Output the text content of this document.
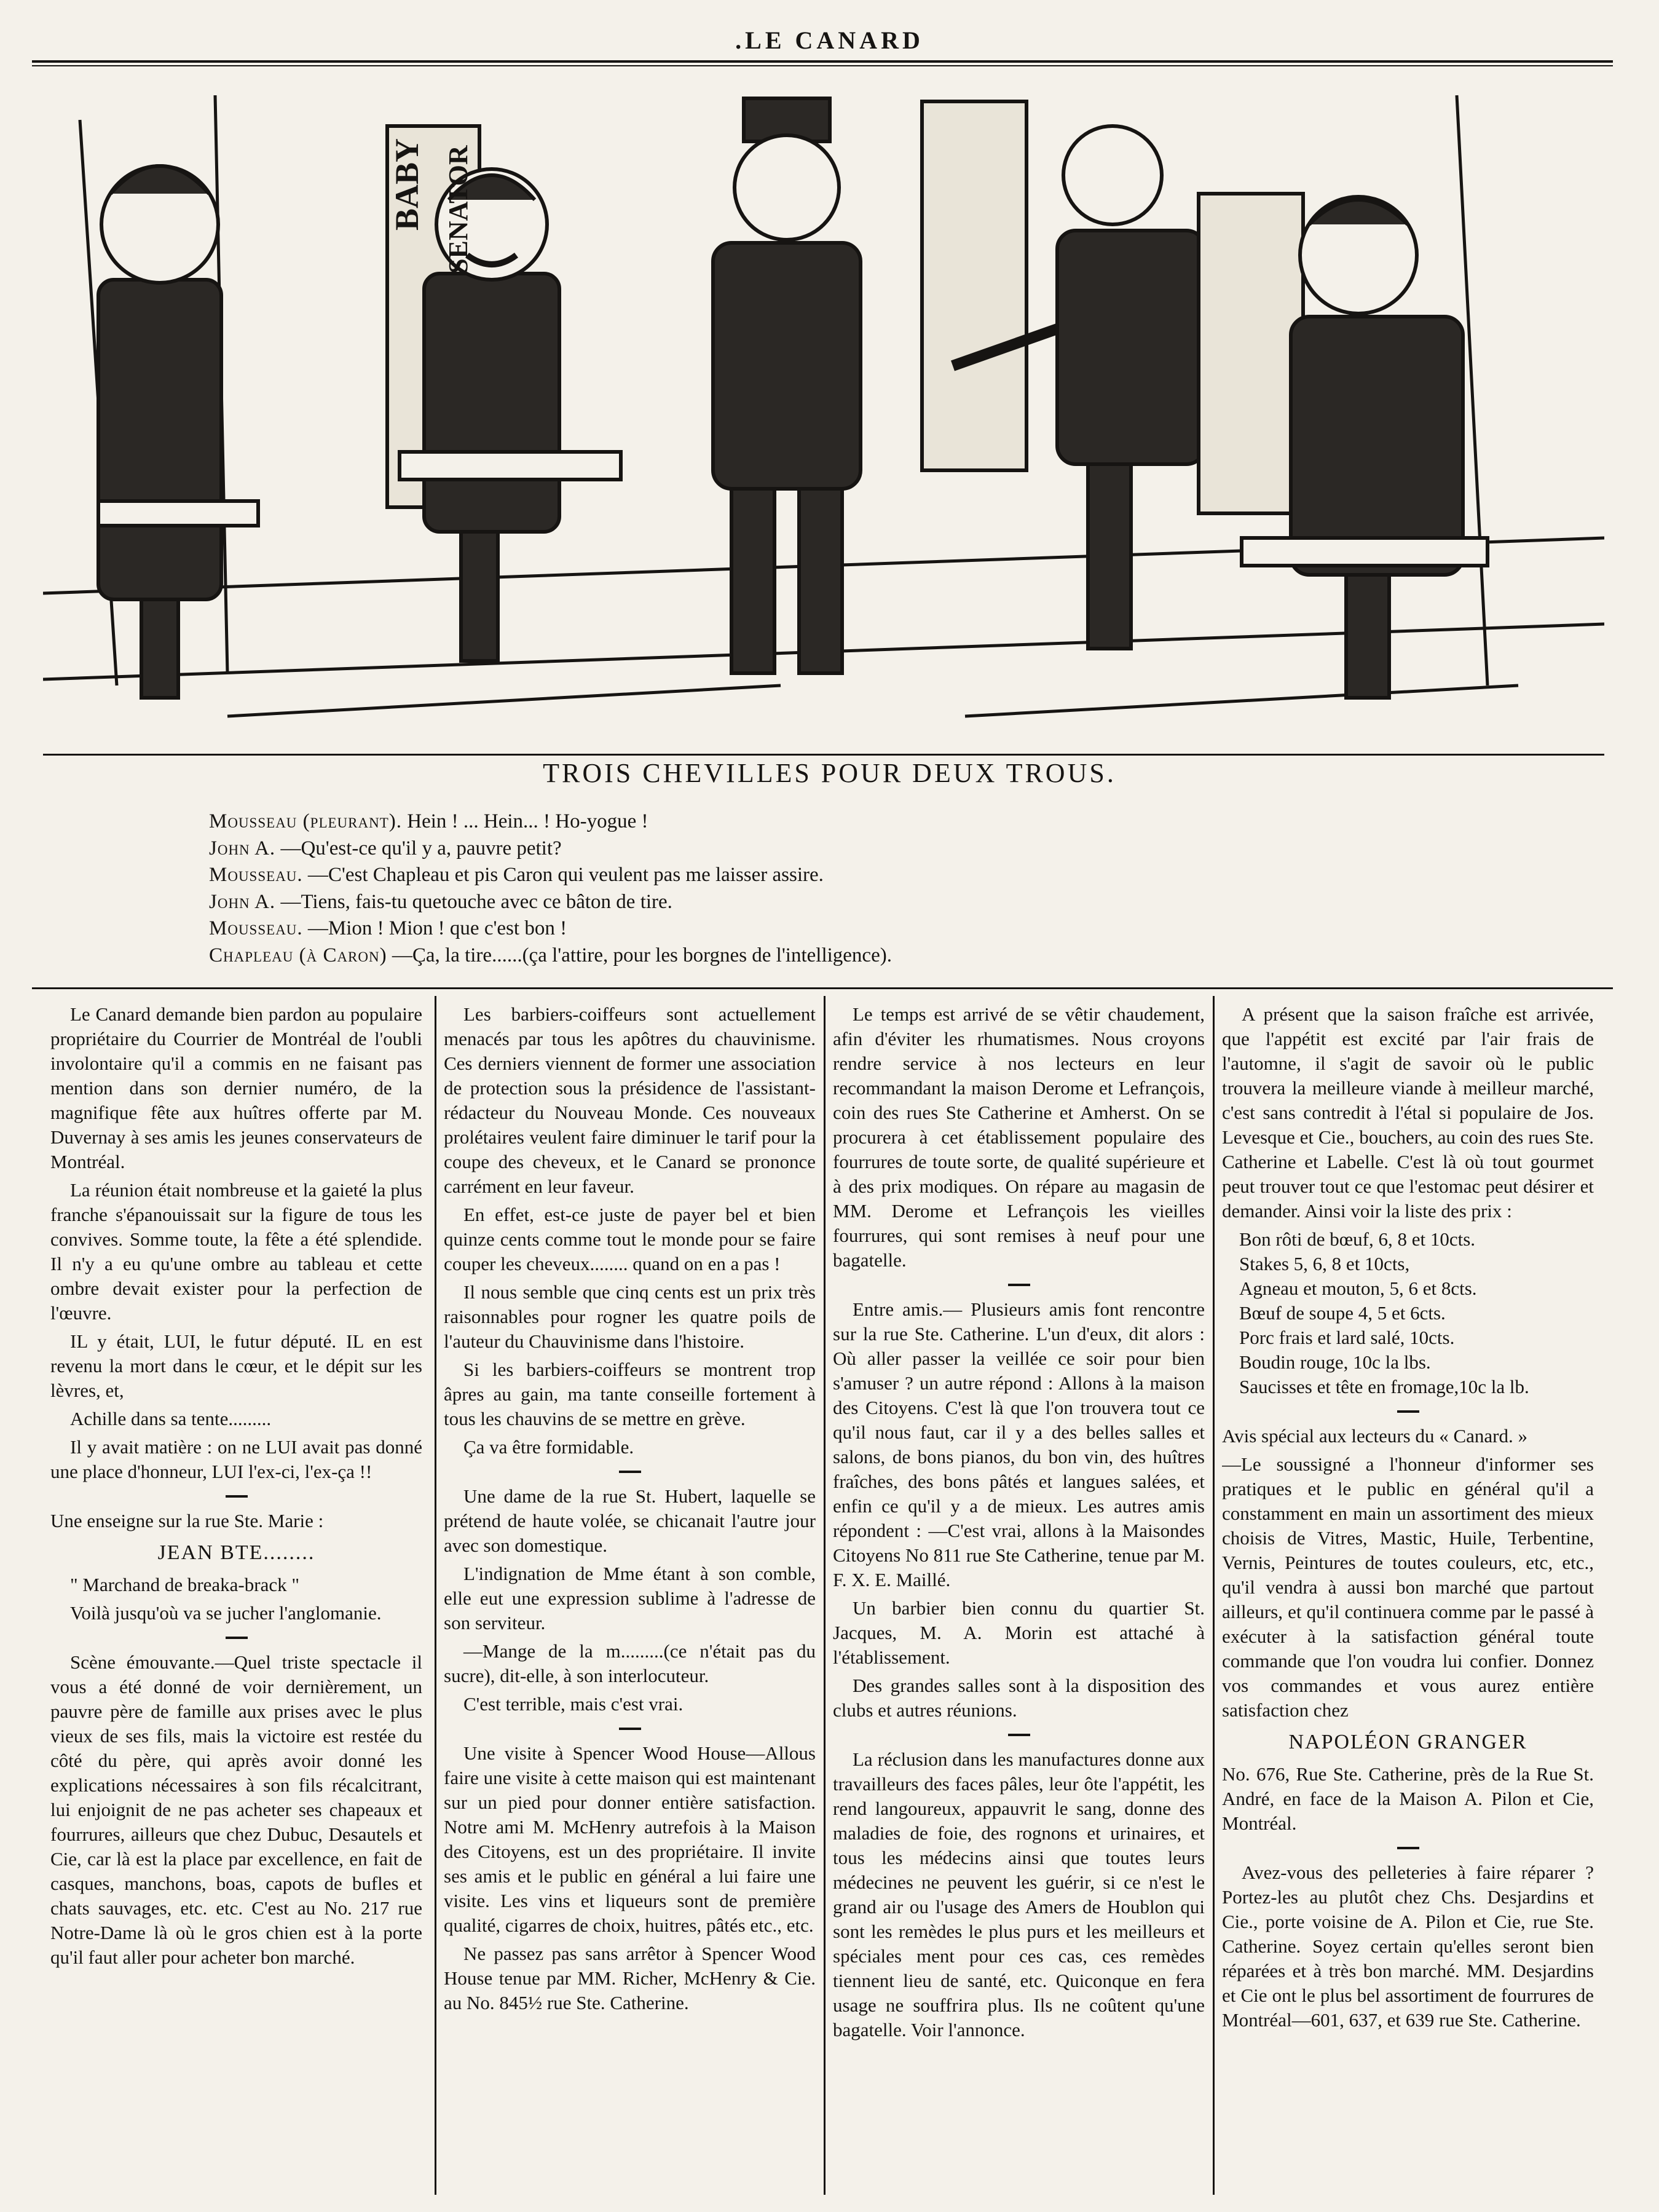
.LE CANARD
BABY SENATOR
TROIS CHEVILLES POUR DEUX TROUS.

Mousseau (pleurant). Hein ! ... Hein... ! Ho-yogue !

John A. —Qu'est-ce qu'il y a, pauvre petit?

Mousseau. —C'est Chapleau et pis Caron qui veulent pas me laisser assire.

John A. —Tiens, fais-tu quetouche avec ce bâton de tire.

Mousseau. —Mion ! Mion ! que c'est bon !

Chapleau (à Caron) —Ça, la tire......(ça l'attire, pour les borgnes de l'intelligence).

Le Canard demande bien pardon au populaire propriétaire du Courrier de Montréal de l'oubli involontaire qu'il a commis en ne faisant pas mention dans son dernier numéro, de la magnifique fête aux huîtres offerte par M. Duvernay à ses amis les jeunes conservateurs de Montréal.

La réunion était nombreuse et la gaieté la plus franche s'épanouissait sur la figure de tous les convives. Somme toute, la fête a été splendide. Il n'y a eu qu'une ombre au tableau et cette ombre devait exister pour la perfection de l'œuvre.

IL y était, LUI, le futur député. IL en est revenu la mort dans le cœur, et le dépit sur les lèvres, et,

Achille dans sa tente.........

Il y avait matière : on ne LUI avait pas donné une place d'honneur, LUI l'ex-ci, l'ex-ça !!

Une enseigne sur la rue Ste. Marie :

JEAN BTE........

" Marchand de breaka-brack "

Voilà jusqu'où va se jucher l'anglomanie.

Scène émouvante.—Quel triste spectacle il vous a été donné de voir dernièrement, un pauvre père de famille aux prises avec le plus vieux de ses fils, mais la victoire est restée du côté du père, qui après avoir donné les explications nécessaires à son fils récalcitrant, lui enjoignit de ne pas acheter ses chapeaux et fourrures, ailleurs que chez Dubuc, Desautels et Cie, car là est la place par excellence, en fait de casques, manchons, boas, capots de bufles et chats sauvages, etc. etc. C'est au No. 217 rue Notre-Dame là où le gros chien est à la porte qu'il faut aller pour acheter bon marché.

Les barbiers-coiffeurs sont actuellement menacés par tous les apôtres du chauvinisme. Ces derniers viennent de former une association de protection sous la présidence de l'assistant-rédacteur du Nouveau Monde. Ces nouveaux prolétaires veulent faire diminuer le tarif pour la coupe des cheveux, et le Canard se prononce carrément en leur faveur.

En effet, est-ce juste de payer bel et bien quinze cents comme tout le monde pour se faire couper les cheveux........ quand on en a pas !

Il nous semble que cinq cents est un prix très raisonnables pour rogner les quatre poils de l'auteur du Chauvinisme dans l'histoire.

Si les barbiers-coiffeurs se montrent trop âpres au gain, ma tante conseille fortement à tous les chauvins de se mettre en grève.

Ça va être formidable.

Une dame de la rue St. Hubert, laquelle se prétend de haute volée, se chicanait l'autre jour avec son domestique.

L'indignation de Mme étant à son comble, elle eut une expression sublime à l'adresse de son serviteur.

—Mange de la m.........(ce n'était pas du sucre), dit-elle, à son interlocuteur.

C'est terrible, mais c'est vrai.

Une visite à Spencer Wood House—Allous faire une visite à cette maison qui est maintenant sur un pied pour donner entière satisfaction. Notre ami M. McHenry autrefois à la Maison des Citoyens, est un des propriétaire. Il invite ses amis et le public en général a lui faire une visite. Les vins et liqueurs sont de première qualité, cigarres de choix, huitres, pâtés etc., etc.

Ne passez pas sans arrêtor à Spencer Wood House tenue par MM. Richer, McHenry & Cie. au No. 845½ rue Ste. Catherine.

Le temps est arrivé de se vêtir chaudement, afin d'éviter les rhumatismes. Nous croyons rendre service à nos lecteurs en leur recommandant la maison Derome et Lefrançois, coin des rues Ste Catherine et Amherst. On se procurera à cet établissement populaire des fourrures de toute sorte, de qualité supérieure et à des prix modiques. On répare au magasin de MM. Derome et Lefrançois les vieilles fourrures, qui sont remises à neuf pour une bagatelle.

Entre amis.— Plusieurs amis font rencontre sur la rue Ste. Catherine. L'un d'eux, dit alors : Où aller passer la veillée ce soir pour bien s'amuser ? un autre répond : Allons à la maison des Citoyens. C'est là que l'on trouvera tout ce qu'il nous faut, car il y a des belles salles et salons, de bons pianos, du bon vin, des huîtres fraîches, des bons pâtés et langues salées, et enfin ce qu'il y a de mieux. Les autres amis répondent : —C'est vrai, allons à la Maisondes Citoyens No 811 rue Ste Catherine, tenue par M. F. X. E. Maillé.

Un barbier bien connu du quartier St. Jacques, M. A. Morin est attaché à l'établissement.

Des grandes salles sont à la disposition des clubs et autres réunions.

La réclusion dans les manufactures donne aux travailleurs des faces pâles, leur ôte l'appétit, les rend langoureux, appauvrit le sang, donne des maladies de foie, des rognons et urinaires, et tous les médecins ainsi que toutes leurs médecines ne peuvent les guérir, si ce n'est le grand air ou l'usage des Amers de Houblon qui sont les remèdes le plus purs et les meilleurs et spéciales ment pour ces cas, ces remèdes tiennent lieu de santé, etc. Quiconque en fera usage ne souffrira plus. Ils ne coûtent qu'une bagatelle. Voir l'annonce.

A présent que la saison fraîche est arrivée, que l'appétit est excité par l'air frais de l'automne, il s'agit de savoir où le public trouvera la meilleure viande à meilleur marché, c'est sans contredit à l'étal si populaire de Jos. Levesque et Cie., bouchers, au coin des rues Ste. Catherine et Labelle. C'est là où tout gourmet peut trouver tout ce que l'estomac peut désirer et demander. Ainsi voir la liste des prix :

Bon rôti de bœuf, 6, 8 et 10cts.

Stakes 5, 6, 8 et 10cts,

Agneau et mouton, 5, 6 et 8cts.

Bœuf de soupe 4, 5 et 6cts.

Porc frais et lard salé, 10cts.

Boudin rouge, 10c la lbs.

Saucisses et tête en fromage,10c la lb.

Avis spécial aux lecteurs du « Canard. »

—Le soussigné a l'honneur d'informer ses pratiques et le public en général qu'il a constamment en main un assortiment des mieux choisis de Vitres, Mastic, Huile, Terbentine, Vernis, Peintures de toutes couleurs, etc, etc., qu'il vendra à aussi bon marché que partout ailleurs, et qu'il continuera comme par le passé à exécuter à la satisfaction général toute commande que l'on voudra lui confier. Donnez vos commandes et vous aurez entière satisfaction chez

NAPOLÉON GRANGER

No. 676, Rue Ste. Catherine, près de la Rue St. André, en face de la Maison A. Pilon et Cie, Montréal.

Avez-vous des pelleteries à faire réparer ? Portez-les au plutôt chez Chs. Desjardins et Cie., porte voisine de A. Pilon et Cie, rue Ste. Catherine. Soyez certain qu'elles seront bien réparées et à très bon marché. MM. Desjardins et Cie ont le plus bel assortiment de fourrures de Montréal—601, 637, et 639 rue Ste. Catherine.
